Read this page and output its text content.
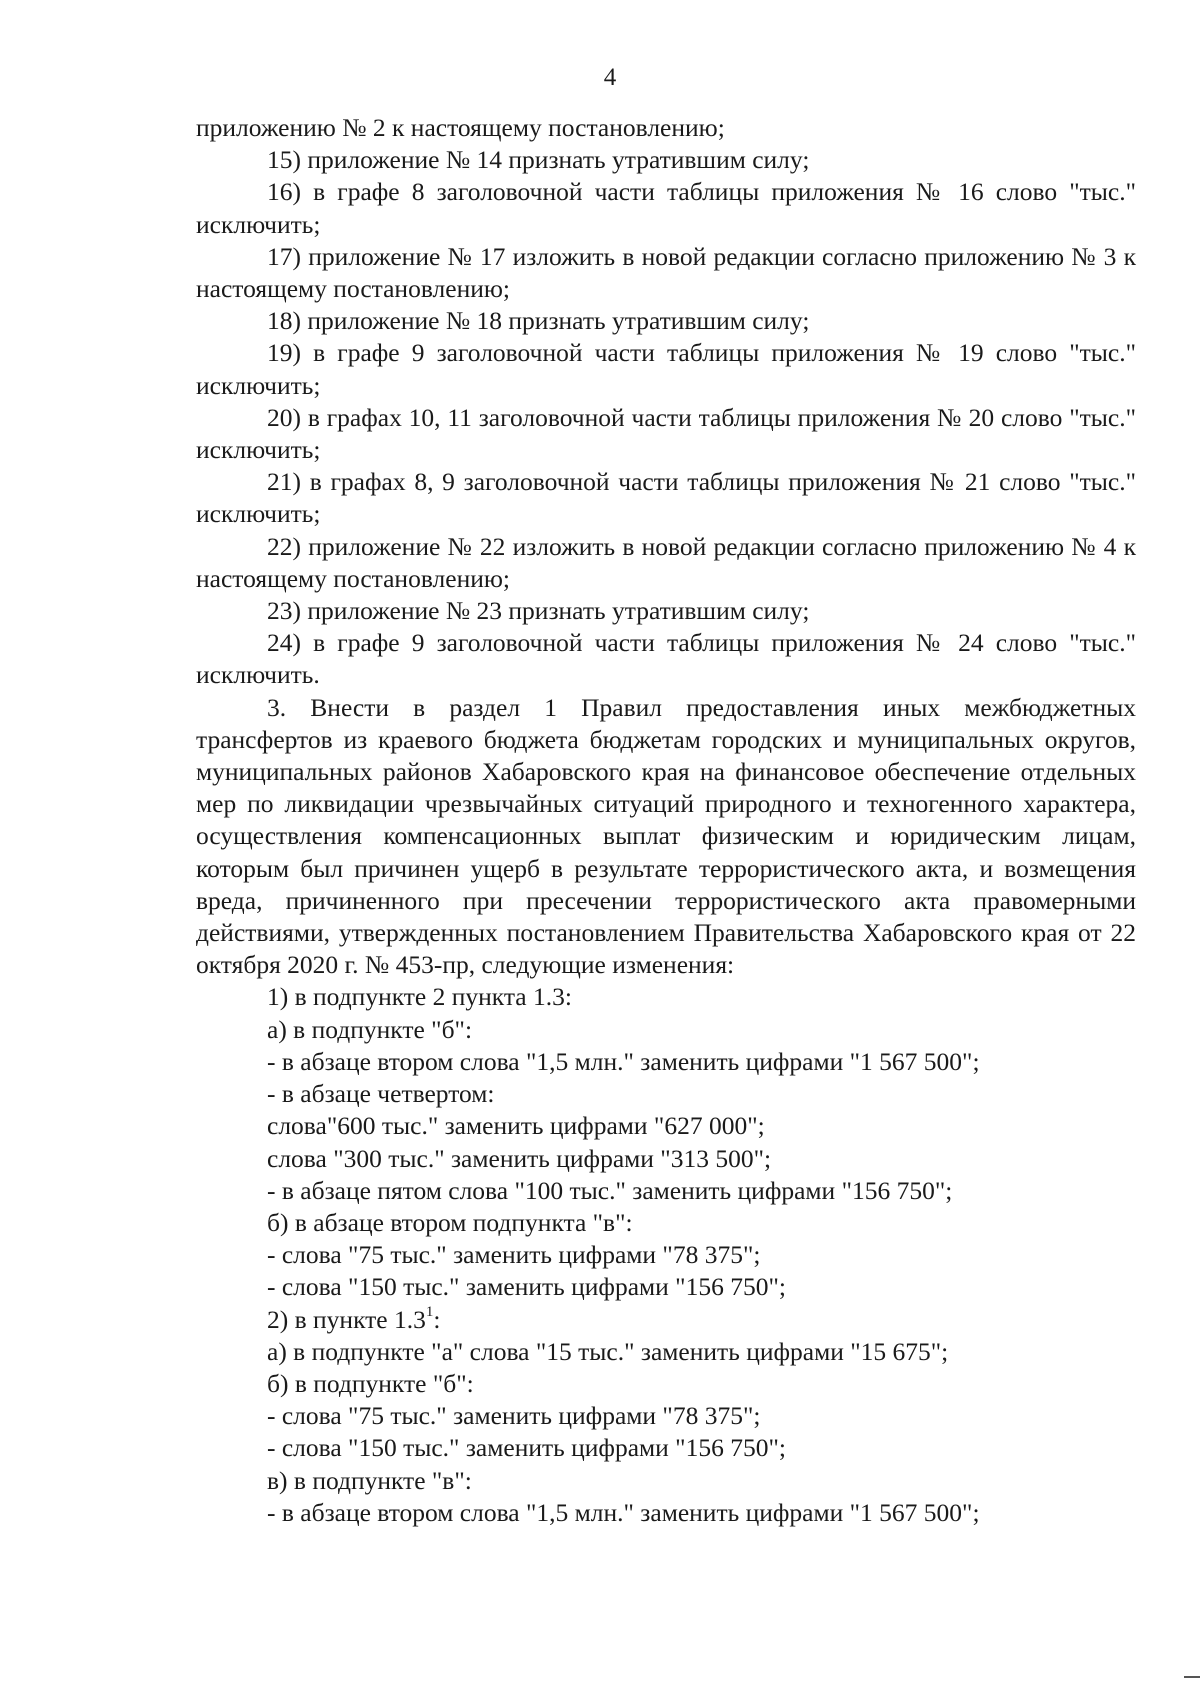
4

приложению № 2 к настоящему постановлению;

15) приложение № 14 признать утратившим силу;

16) в графе 8 заголовочной части таблицы приложения № 16 слово "тыс." исключить;

17) приложение № 17 изложить в новой редакции согласно приложению № 3 к настоящему постановлению;

18) приложение № 18 признать утратившим силу;

19) в графе 9 заголовочной части таблицы приложения № 19 слово "тыс." исключить;

20) в графах 10, 11 заголовочной части таблицы приложения № 20 слово "тыс." исключить;

21) в графах 8, 9 заголовочной части таблицы приложения № 21 слово "тыс." исключить;

22) приложение № 22 изложить в новой редакции согласно приложению № 4 к настоящему постановлению;

23) приложение № 23 признать утратившим силу;

24) в графе 9 заголовочной части таблицы приложения № 24 слово "тыс." исключить.

3. Внести в раздел 1 Правил предоставления иных межбюджетных трансфертов из краевого бюджета бюджетам городских и муниципальных округов, муниципальных районов Хабаровского края на финансовое обеспечение отдельных мер по ликвидации чрезвычайных ситуаций природного и техногенного характера, осуществления компенсационных выплат физическим и юридическим лицам, которым был причинен ущерб в результате террористического акта, и возмещения вреда, причиненного при пресечении террористического акта правомерными действиями, утвержденных постановлением Правительства Хабаровского края от 22 октября 2020 г. № 453-пр, следующие изменения:

1) в подпункте 2 пункта 1.3:

а) в подпункте "б":

- в абзаце втором слова "1,5 млн." заменить цифрами "1 567 500";

- в абзаце четвертом:

слова"600 тыс." заменить цифрами "627 000";

слова "300 тыс." заменить цифрами "313 500";

- в абзаце пятом слова "100 тыс." заменить цифрами "156 750";

б) в абзаце втором подпункта "в":

- слова "75 тыс." заменить цифрами "78 375";

- слова "150 тыс." заменить цифрами "156 750";

2) в пункте $1.3^1$:

а) в подпункте "а" слова "15 тыс." заменить цифрами "15 675";

б) в подпункте "б":

- слова "75 тыс." заменить цифрами "78 375";

- слова "150 тыс." заменить цифрами "156 750";

в) в подпункте "в":

- в абзаце втором слова "1,5 млн." заменить цифрами "1 567 500";
